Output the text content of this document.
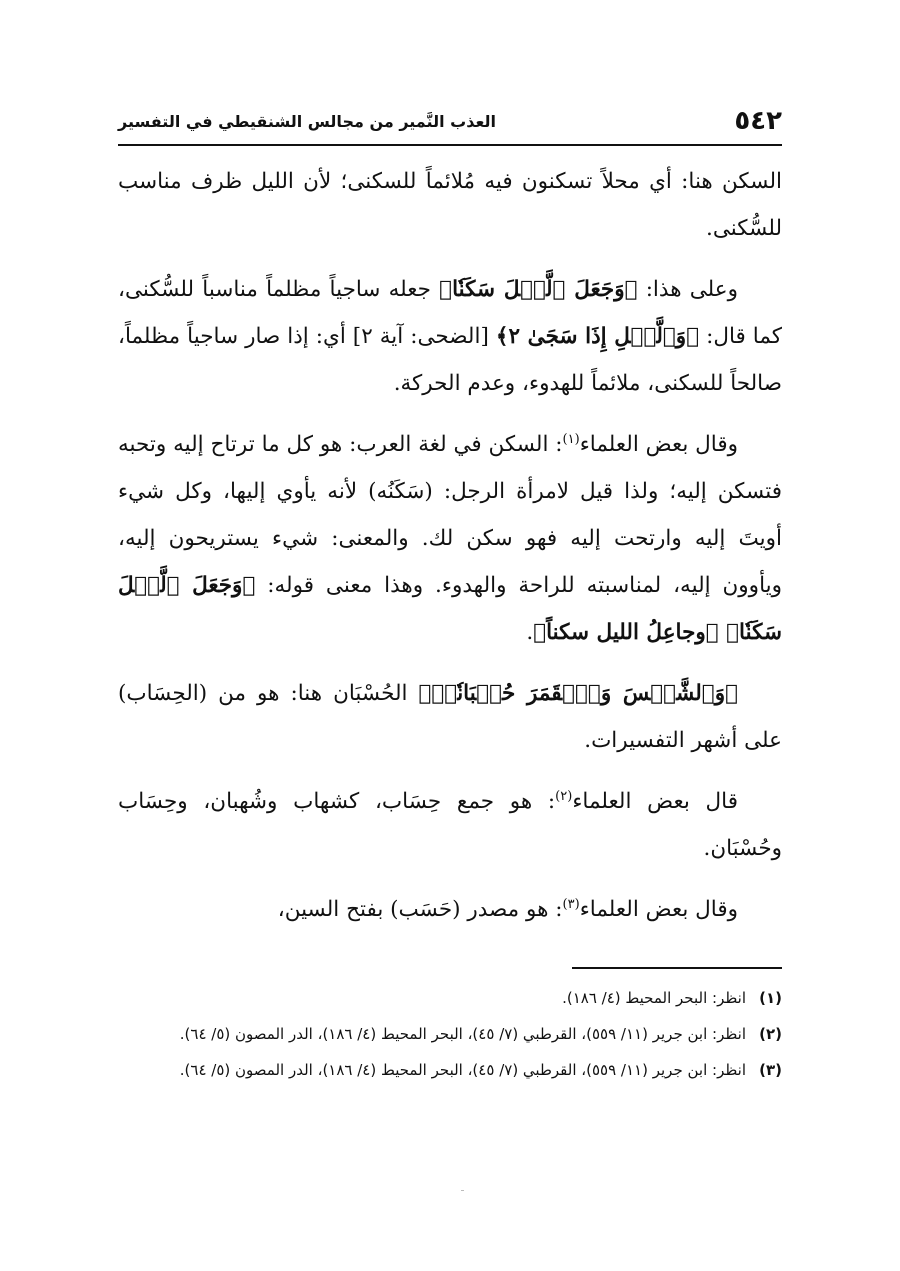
٥٤٢
العذب النَّمير من مجالس الشنقيطي في التفسير

السكن هنا: أي محلاً تسكنون فيه مُلائماً للسكنى؛ لأن الليل ظرف مناسب للسُّكنى.

وعلى هذا: ﴿وَجَعَلَ ٱلَّيۡلَ سَكَنٗا﴾ جعله ساجياً مظلماً مناسباً للسُّكنى، كما قال: ﴿وَٱلَّيۡلِ إِذَا سَجَىٰ ٢﴾ [الضحى: آية ٢] أي: إذا صار ساجياً مظلماً، صالحاً للسكنى، ملائماً للهدوء، وعدم الحركة.

وقال بعض العلماء$^{(١)}$: السكن في لغة العرب: هو كل ما ترتاح إليه وتحبه فتسكن إليه؛ ولذا قيل لامرأة الرجل: (سَكَنُه) لأنه يأوي إليها، وكل شيء أويتَ إليه وارتحت إليه فهو سكن لك. والمعنى: شيء يستريحون إليه، ويأوون إليه، لمناسبته للراحة والهدوء. وهذا معنى قوله: ﴿وَجَعَلَ ٱلَّيۡلَ سَكَنٗا﴾ ﴿وجاعِلُ الليل سكناً﴾.

﴿وَٱلشَّمۡسَ وَٱلۡقَمَرَ حُسۡبَانٗاۚ﴾ الحُسْبَان هنا: هو من (الحِسَاب) على أشهر التفسيرات.

قال بعض العلماء$^{(٢)}$: هو جمع حِسَاب، كشهاب وشُهبان، وحِسَاب وحُسْبَان.

وقال بعض العلماء$^{(٣)}$: هو مصدر (حَسَب) بفتح السين،

(١)
انظر: البحر المحيط (٤/ ١٨٦).
(٢)
انظر: ابن جرير (١١/ ٥٥٩)، القرطبي (٧/ ٤٥)، البحر المحيط (٤/ ١٨٦)، الدر المصون (٥/ ٦٤).
(٣)
انظر: ابن جرير (١١/ ٥٥٩)، القرطبي (٧/ ٤٥)، البحر المحيط (٤/ ١٨٦)، الدر المصون (٥/ ٦٤).
